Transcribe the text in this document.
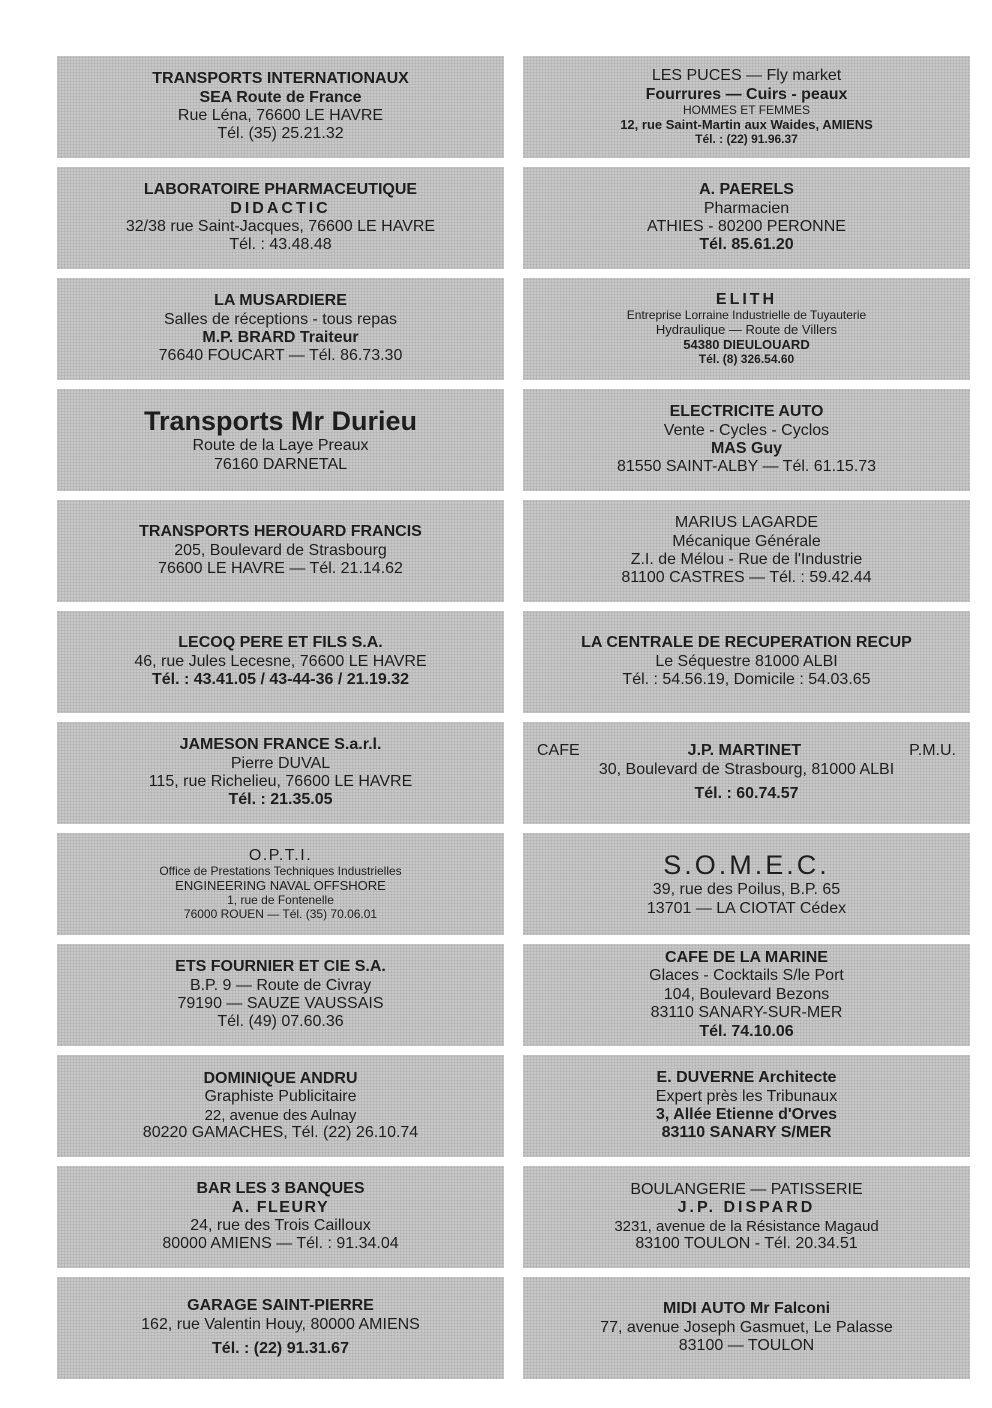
TRANSPORTS INTERNATIONAUX
SEA Route de France
Rue Léna, 76600 LE HAVRE
Tél. (35) 25.21.32
LES PUCES — Fly market
Fourrures — Cuirs - peaux
HOMMES ET FEMMES
12, rue Saint-Martin aux Waides, AMIENS
Tél. : (22) 91.96.37
LABORATOIRE PHARMACEUTIQUE
DIDACTIC
32/38 rue Saint-Jacques, 76600 LE HAVRE
Tél. : 43.48.48
A. PAERELS
Pharmacien
ATHIES - 80200 PERONNE
Tél. 85.61.20
LA MUSARDIERE
Salles de réceptions - tous repas
M.P. BRARD Traiteur
76640 FOUCART — Tél. 86.73.30
ELITH
Entreprise Lorraine Industrielle de Tuyauterie
Hydraulique — Route de Villers
54380 DIEULOUARD
Tél. (8) 326.54.60
Transports Mr Durieu
Route de la Laye Preaux
76160 DARNETAL
ELECTRICITE AUTO
Vente - Cycles - Cyclos
MAS Guy
81550 SAINT-ALBY — Tél. 61.15.73
TRANSPORTS HEROUARD FRANCIS
205, Boulevard de Strasbourg
76600 LE HAVRE — Tél. 21.14.62
MARIUS LAGARDE
Mécanique Générale
Z.I. de Mélou - Rue de l'Industrie
81100 CASTRES — Tél. : 59.42.44
LECOQ PERE ET FILS S.A.
46, rue Jules Lecesne, 76600 LE HAVRE
Tél. : 43.41.05 / 43-44-36 / 21.19.32
LA CENTRALE DE RECUPERATION RECUP
Le Séquestre 81000 ALBI
Tél. : 54.56.19, Domicile : 54.03.65
JAMESON FRANCE S.a.r.l.
Pierre DUVAL
115, rue Richelieu, 76600 LE HAVRE
Tél. : 21.35.05
CAFE	J.P. MARTINET	P.M.U.
30, Boulevard de Strasbourg, 81000 ALBI
Tél. : 60.74.57
O.P.T.I.
Office de Prestations Techniques Industrielles
ENGINEERING NAVAL OFFSHORE
1, rue de Fontenelle
76000 ROUEN — Tél. (35) 70.06.01
S.O.M.E.C.
39, rue des Poilus, B.P. 65
13701 — LA CIOTAT Cédex
ETS FOURNIER ET CIE S.A.
B.P. 9 — Route de Civray
79190 — SAUZE VAUSSAIS
Tél. (49) 07.60.36
CAFE DE LA MARINE
Glaces - Cocktails S/le Port
104, Boulevard Bezons
83110 SANARY-SUR-MER
Tél. 74.10.06
DOMINIQUE ANDRU
Graphiste Publicitaire
22, avenue des Aulnay
80220 GAMACHES, Tél. (22) 26.10.74
E. DUVERNE Architecte
Expert près les Tribunaux
3, Allée Etienne d'Orves
83110 SANARY S/MER
BAR LES 3 BANQUES
A. FLEURY
24, rue des Trois Cailloux
80000 AMIENS — Tél. : 91.34.04
BOULANGERIE — PATISSERIE
J.P. DISPARD
3231, avenue de la Résistance Magaud
83100 TOULON - Tél. 20.34.51
GARAGE SAINT-PIERRE
162, rue Valentin Houy, 80000 AMIENS
Tél. : (22) 91.31.67
MIDI AUTO Mr Falconi
77, avenue Joseph Gasmuet, Le Palasse
83100 — TOULON
